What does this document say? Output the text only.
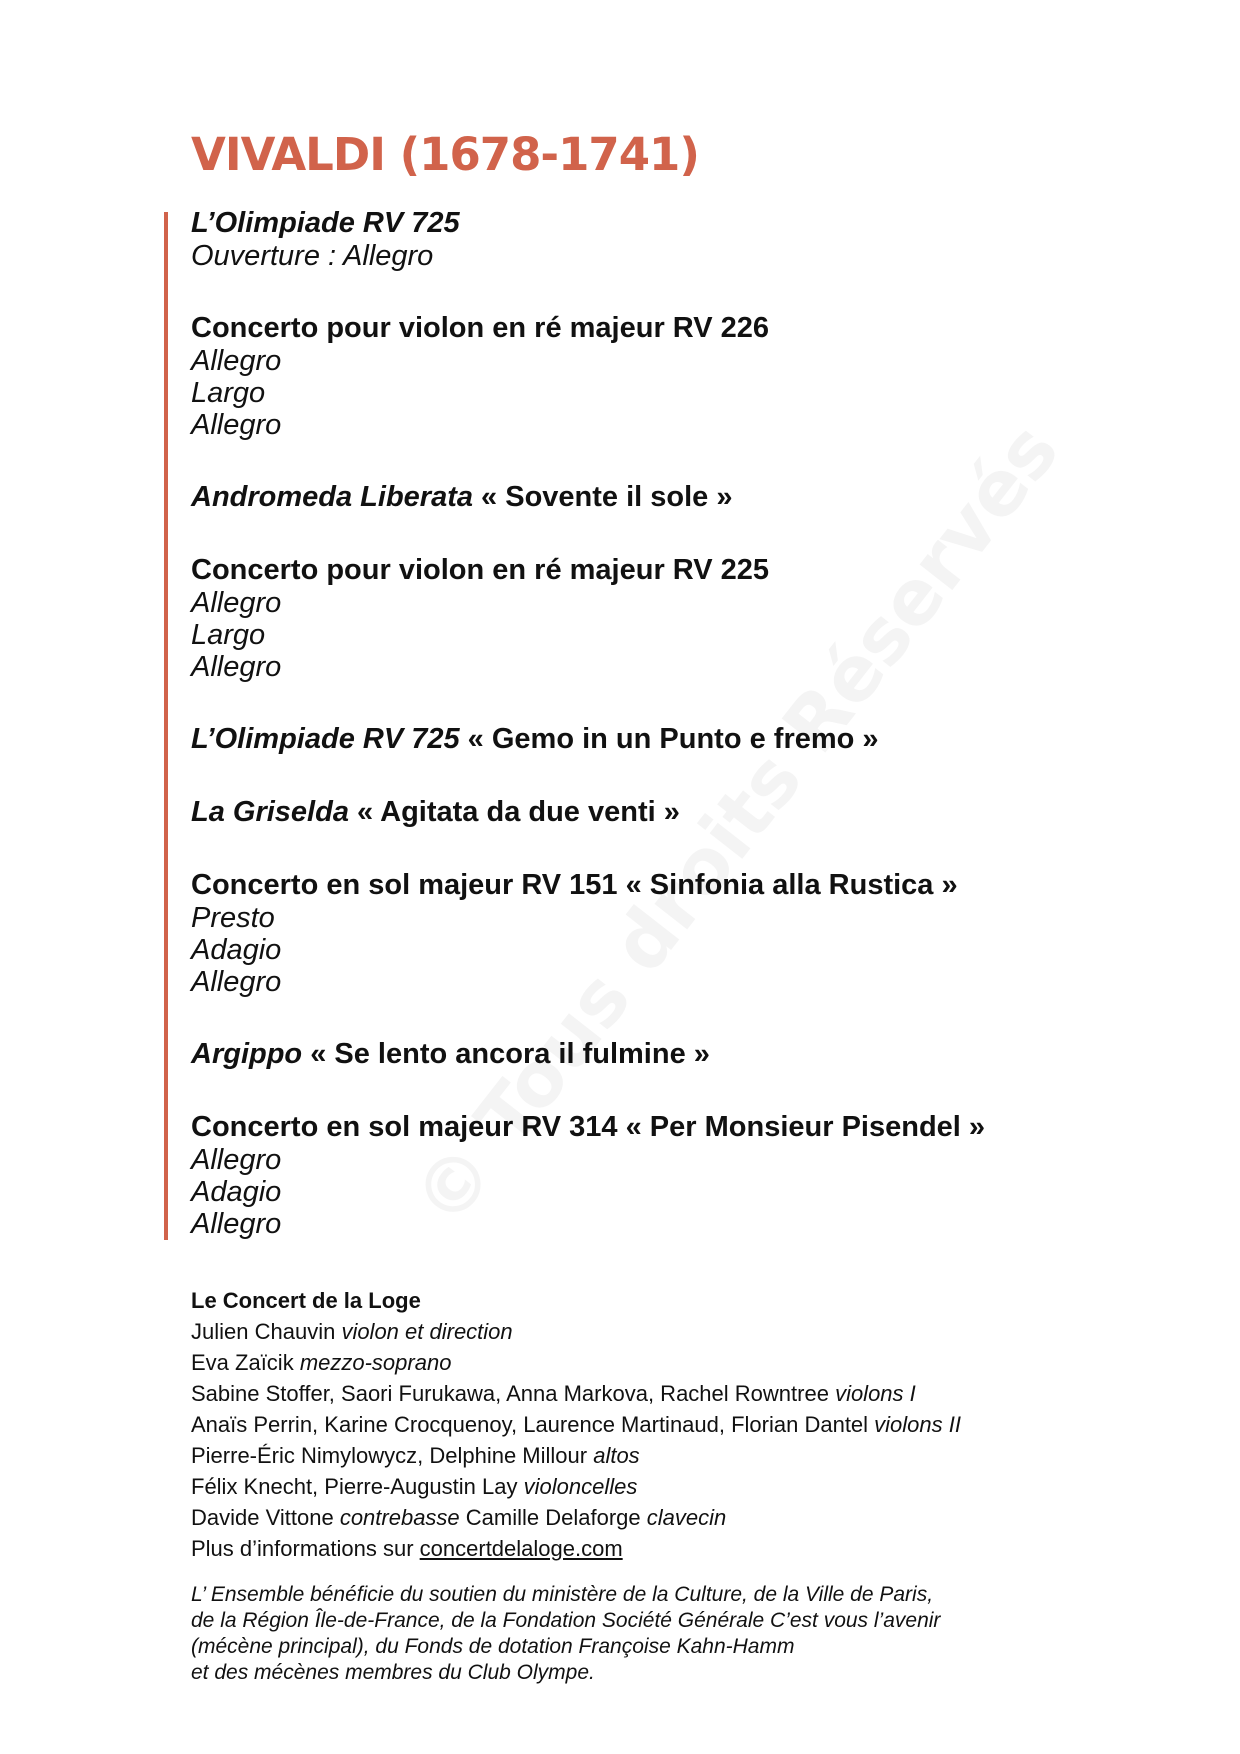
VIVALDI (1678-1741)
L’Olimpiade RV 725
Ouverture : Allegro
Concerto pour violon en ré majeur RV 226
Allegro
Largo
Allegro
Andromeda Liberata « Sovente il sole »
Concerto pour violon en ré majeur RV 225
Allegro
Largo
Allegro
L’Olimpiade RV 725 « Gemo in un Punto e fremo »
La Griselda « Agitata da due venti »
Concerto en sol majeur RV 151 « Sinfonia alla Rustica »
Presto
Adagio
Allegro
Argippo « Se lento ancora il fulmine »
Concerto en sol majeur RV 314 « Per Monsieur Pisendel »
Allegro
Adagio
Allegro
Le Concert de la Loge
Julien Chauvin violon et direction
Eva Zaïcik mezzo-soprano
Sabine Stoffer, Saori Furukawa, Anna Markova, Rachel Rowntree violons I
Anaïs Perrin, Karine Crocquenoy, Laurence Martinaud, Florian Dantel violons II
Pierre-Éric Nimylowycz, Delphine Millour altos
Félix Knecht, Pierre-Augustin Lay violoncelles
Davide Vittone contrebasse Camille Delaforge clavecin
Plus d’informations sur concertdelaloge.com
L’ Ensemble bénéficie du soutien du ministère de la Culture, de la Ville de Paris,
de la Région Île-de-France, de la Fondation Société Générale C’est vous l’avenir
(mécène principal), du Fonds de dotation Françoise Kahn-Hamm
et des mécènes membres du Club Olympe.
